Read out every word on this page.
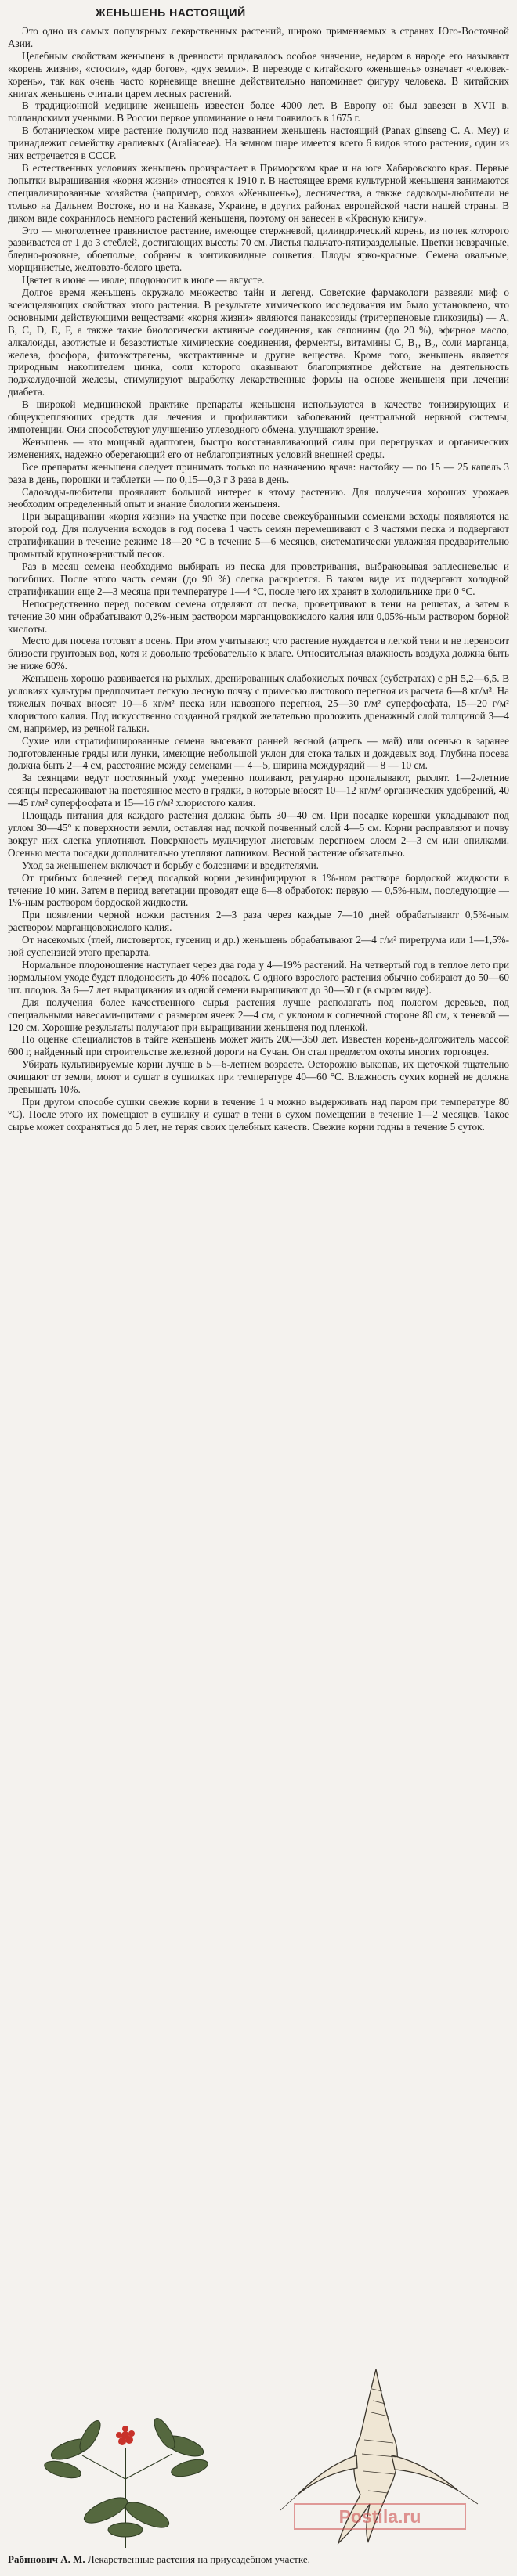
ЖЕНЬШЕНЬ НАСТОЯЩИЙ

Это одно из самых популярных лекарственных растений, широко применяемых в странах Юго-Восточной Азии.

Целебным свойствам женьшеня в древности придавалось особое значение, недаром в народе его называют «корень жизни», «стосил», «дар богов», «дух земли». В переводе с китайского «женьшень» означает «человек-корень», так как очень часто корневище внешне действительно напоминает фигуру человека. В китайских книгах женьшень считали царем лесных растений.

В традиционной медицине женьшень известен более 4000 лет. В Европу он был завезен в XVII в. голландскими учеными. В России первое упоминание о нем появилось в 1675 г.

В ботаническом мире растение получило под названием женьшень настоящий (Panax ginseng C. A. Mey) и принадлежит семейству аралиевых (Araliaceae). На земном шаре имеется всего 6 видов этого растения, один из них встречается в СССР.

В естественных условиях женьшень произрастает в Приморском крае и на юге Хабаровского края. Первые попытки выращивания «корня жизни» относятся к 1910 г. В настоящее время культурной женьшеня занимаются специализированные хозяйства (например, совхоз «Женьшень»), лесничества, а также садоводы-любители не только на Дальнем Востоке, но и на Кавказе, Украине, в других районах европейской части нашей страны. В диком виде сохранилось немного растений женьшеня, поэтому он занесен в «Красную книгу».

Это — многолетнее травянистое растение, имеющее стержневой, цилиндрический корень, из почек которого развивается от 1 до 3 стеблей, достигающих высоты 70 см. Листья пальчато-пятираздельные. Цветки невзрачные, бледно-розовые, обоеполые, собраны в зонтиковидные соцветия. Плоды ярко-красные. Семена овальные, морщинистые, желтовато-белого цвета.

Цветет в июне — июле; плодоносит в июле — августе.

Долгое время женьшень окружало множество тайн и легенд. Советские фармакологи развеяли миф о всеисцеляющих свойствах этого растения. В результате химического исследования им было установлено, что основными действующими веществами «корня жизни» являются панаксозиды (тритерпеновые гликозиды) — А, В, С, D, Е, F, а также такие биологически активные соединения, как сапонины (до 20 %), эфирное масло, алкалоиды, азотистые и безазотистые химические соединения, ферменты, витамины С, В₁, В₂, соли марганца, железа, фосфора, фитоэкстрагены, экстрактивные и другие вещества. Кроме того, женьшень является природным накопителем цинка, соли которого оказывают благоприятное действие на деятельность поджелудочной железы, стимулируют выработку лекарственные формы на основе женьшеня при лечении диабета.

В широкой медицинской практике препараты женьшеня используются в качестве тонизирующих и общеукрепляющих средств для лечения и профилактики заболеваний центральной нервной системы, импотенции. Они способствуют улучшению углеводного обмена, улучшают зрение.

Женьшень — это мощный адаптоген, быстро восстанавливающий силы при перегрузках и органических изменениях, надежно оберегающий его от неблагоприятных условий внешней среды.

Все препараты женьшеня следует принимать только по назначению врача: настойку — по 15 — 25 капель 3 раза в день, порошки и таблетки — по 0,15—0,3 г 3 раза в день.

Садоводы-любители проявляют большой интерес к этому растению. Для получения хороших урожаев необходим определенный опыт и знание биологии женьшеня.

При выращивании «корня жизни» на участке при посеве свежеубранными семенами всходы появляются на второй год. Для получения всходов в год посева 1 часть семян перемешивают с 3 частями песка и подвергают стратификации в течение режиме 18—20 °С в течение 5—6 месяцев, систематически увлажняя предварительно промытый крупнозернистый песок.

Раз в месяц семена необходимо выбирать из песка для проветривания, выбраковывая заплесневелые и погибших. После этого часть семян (до 90 %) слегка раскроется. В таком виде их подвергают холодной стратификации еще 2—3 месяца при температуре 1—4 °С, после чего их хранят в холодильнике при 0 °С.

Непосредственно перед посевом семена отделяют от песка, проветривают в тени на решетах, а затем в течение 30 мин обрабатывают 0,2%-ным раствором марганцовокислого калия или 0,05%-ным раствором борной кислоты.

Место для посева готовят в осень. При этом учитывают, что растение нуждается в легкой тени и не переносит близости грунтовых вод, хотя и довольно требовательно к влаге. Относительная влажность воздуха должна быть не ниже 60%.

Женьшень хорошо развивается на рыхлых, дренированных слабокислых почвах (субстратах) с pH 5,2—6,5. В условиях культуры предпочитает легкую лесную почву с примесью листового перегноя из расчета 6—8 кг/м². На тяжелых почвах вносят 10—6 кг/м² песка или навозного перегноя, 25—30 г/м² суперфосфата, 15—20 г/м² хлористого калия. Под искусственно созданной грядкой желательно проложить дренажный слой толщиной 3—4 см, например, из речной гальки.

Сухие или стратифицированные семена высевают ранней весной (апрель — май) или осенью в заранее подготовленные гряды или лунки, имеющие небольшой уклон для стока талых и дождевых вод. Глубина посева должна быть 2—4 см, расстояние между семенами — 4—5, ширина междурядий — 8 — 10 см.

За сеянцами ведут постоянный уход: умеренно поливают, регулярно пропалывают, рыхлят. 1—2-летние сеянцы пересаживают на постоянное место в грядки, в которые вносят 10—12 кг/м² органических удобрений, 40—45 г/м² суперфосфата и 15—16 г/м² хлористого калия.

Площадь питания для каждого растения должна быть 30—40 см. При посадке корешки укладывают под углом 30—45° к поверхности земли, оставляя над почкой почвенный слой 4—5 см. Корни расправляют и почву вокруг них слегка уплотняют. Поверхность мульчируют листовым перегноем слоем 2—3 см или опилками. Осенью места посадки дополнительно утепляют лапником. Весной растение обязательно.

Уход за женьшенем включает и борьбу с болезнями и вредителями.

От грибных болезней перед посадкой корни дезинфицируют в 1%-ном растворе бордоской жидкости в течение 10 мин. Затем в период вегетации проводят еще 6—8 обработок: первую — 0,5%-ным, последующие — 1%-ным раствором бордоской жидкости.

При появлении черной ножки растения 2—3 раза через каждые 7—10 дней обрабатывают 0,5%-ным раствором марганцовокислого калия.

От насекомых (тлей, листоверток, гусениц и др.) женьшень обрабатывают 2—4 г/м² пиретрума или 1—1,5%-ной суспензией этого препарата.

Нормальное плодоношение наступает через два года у 4—19% растений. На четвертый год в теплое лето при нормальном уходе будет плодоносить до 40% посадок. С одного взрослого растения обычно собирают до 50—60 шт. плодов. За 6—7 лет выращивания из одной семени выращивают до 30—50 г (в сыром виде).

Для получения более качественного сырья растения лучше располагать под пологом деревьев, под специальными навесами-щитами с размером ячеек 2—4 см, с уклоном к солнечной стороне 80 см, к теневой — 120 см. Хорошие результаты получают при выращивании женьшеня под пленкой.

По оценке специалистов в тайге женьшень может жить 200—350 лет. Известен корень-долгожитель массой 600 г, найденный при строительстве железной дороги на Сучан. Он стал предметом охоты многих торговцев.

Убирать культивируемые корни лучше в 5—6-летнем возрасте. Осторожно выкопав, их щеточкой тщательно очищают от земли, моют и сушат в сушилках при температуре 40—60 °С. Влажность сухих корней не должна превышать 10%.

При другом способе сушки свежие корни в течение 1 ч можно выдерживать над паром при температуре 80 °С). После этого их помещают в сушилку и сушат в тени в сухом помещении в течение 1—2 месяцев. Такое сырье может сохраняться до 5 лет, не теряя своих целебных качеств. Свежие корни годны в течение 5 суток.

Postila.ru
Рабинович А. М. Лекарственные растения на приусадебном участке.
